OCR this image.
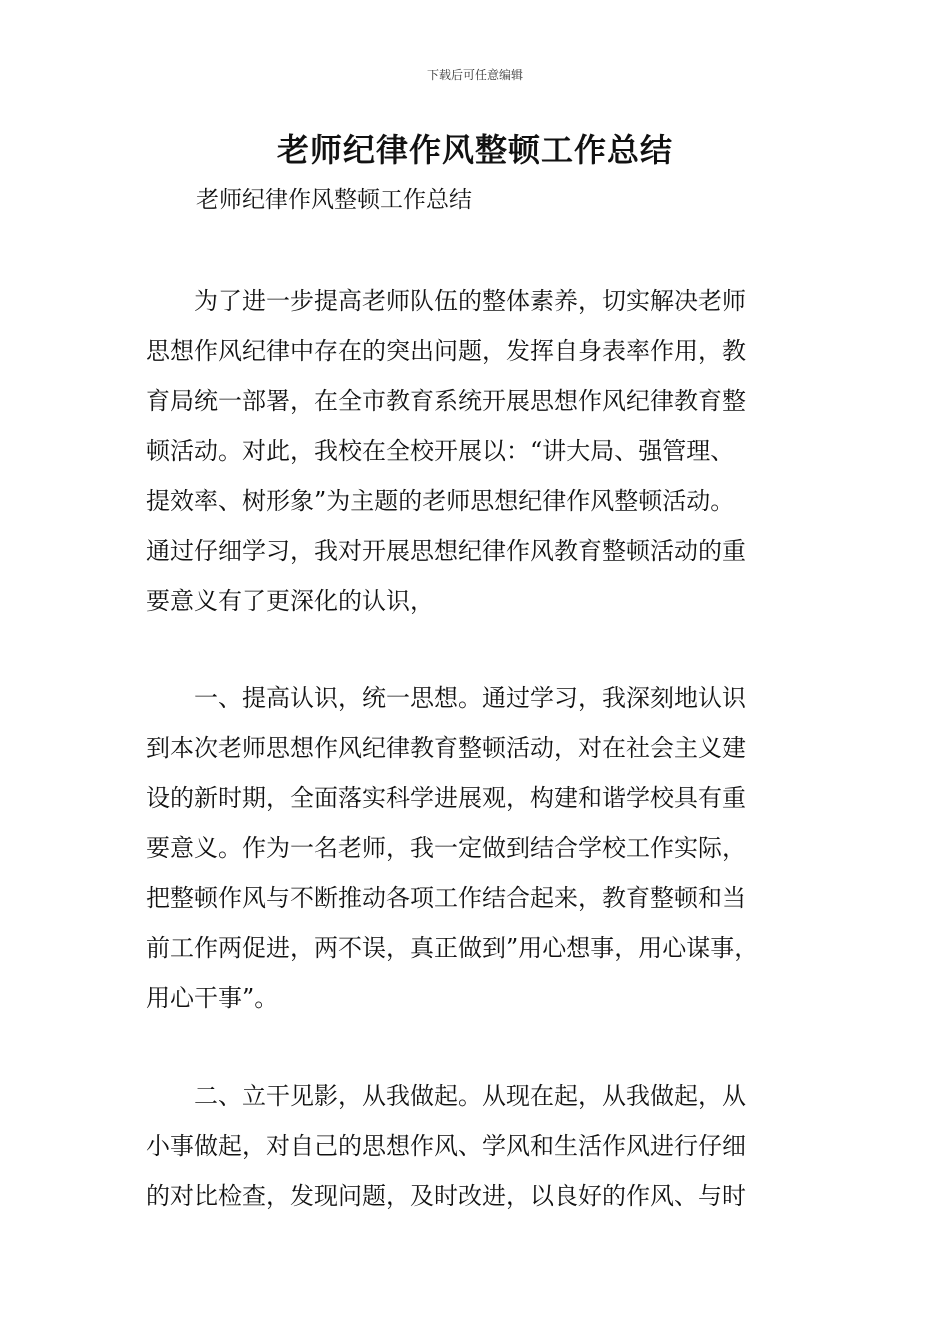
下载后可任意编辑
老师纪律作风整顿工作总结
老师纪律作风整顿工作总结
　　为了进一步提高老师队伍的整体素养，切实解决老师
思想作风纪律中存在的突出问题，发挥自身表率作用，教
育局统一部署，在全市教育系统开展思想作风纪律教育整
顿活动。对此，我校在全校开展以：“讲大局、强管理、
提效率、树形象”为主题的老师思想纪律作风整顿活动。
通过仔细学习，我对开展思想纪律作风教育整顿活动的重
要意义有了更深化的认识，
　　一、提高认识，统一思想。通过学习，我深刻地认识
到本次老师思想作风纪律教育整顿活动，对在社会主义建
设的新时期，全面落实科学进展观，构建和谐学校具有重
要意义。作为一名老师，我一定做到结合学校工作实际，
把整顿作风与不断推动各项工作结合起来，教育整顿和当
前工作两促进，两不误，真正做到”用心想事，用心谋事，
用心干事”。
　　二、立干见影，从我做起。从现在起，从我做起，从
小事做起，对自己的思想作风、学风和生活作风进行仔细
的对比检查，发现问题，及时改进，以良好的作风、与时
